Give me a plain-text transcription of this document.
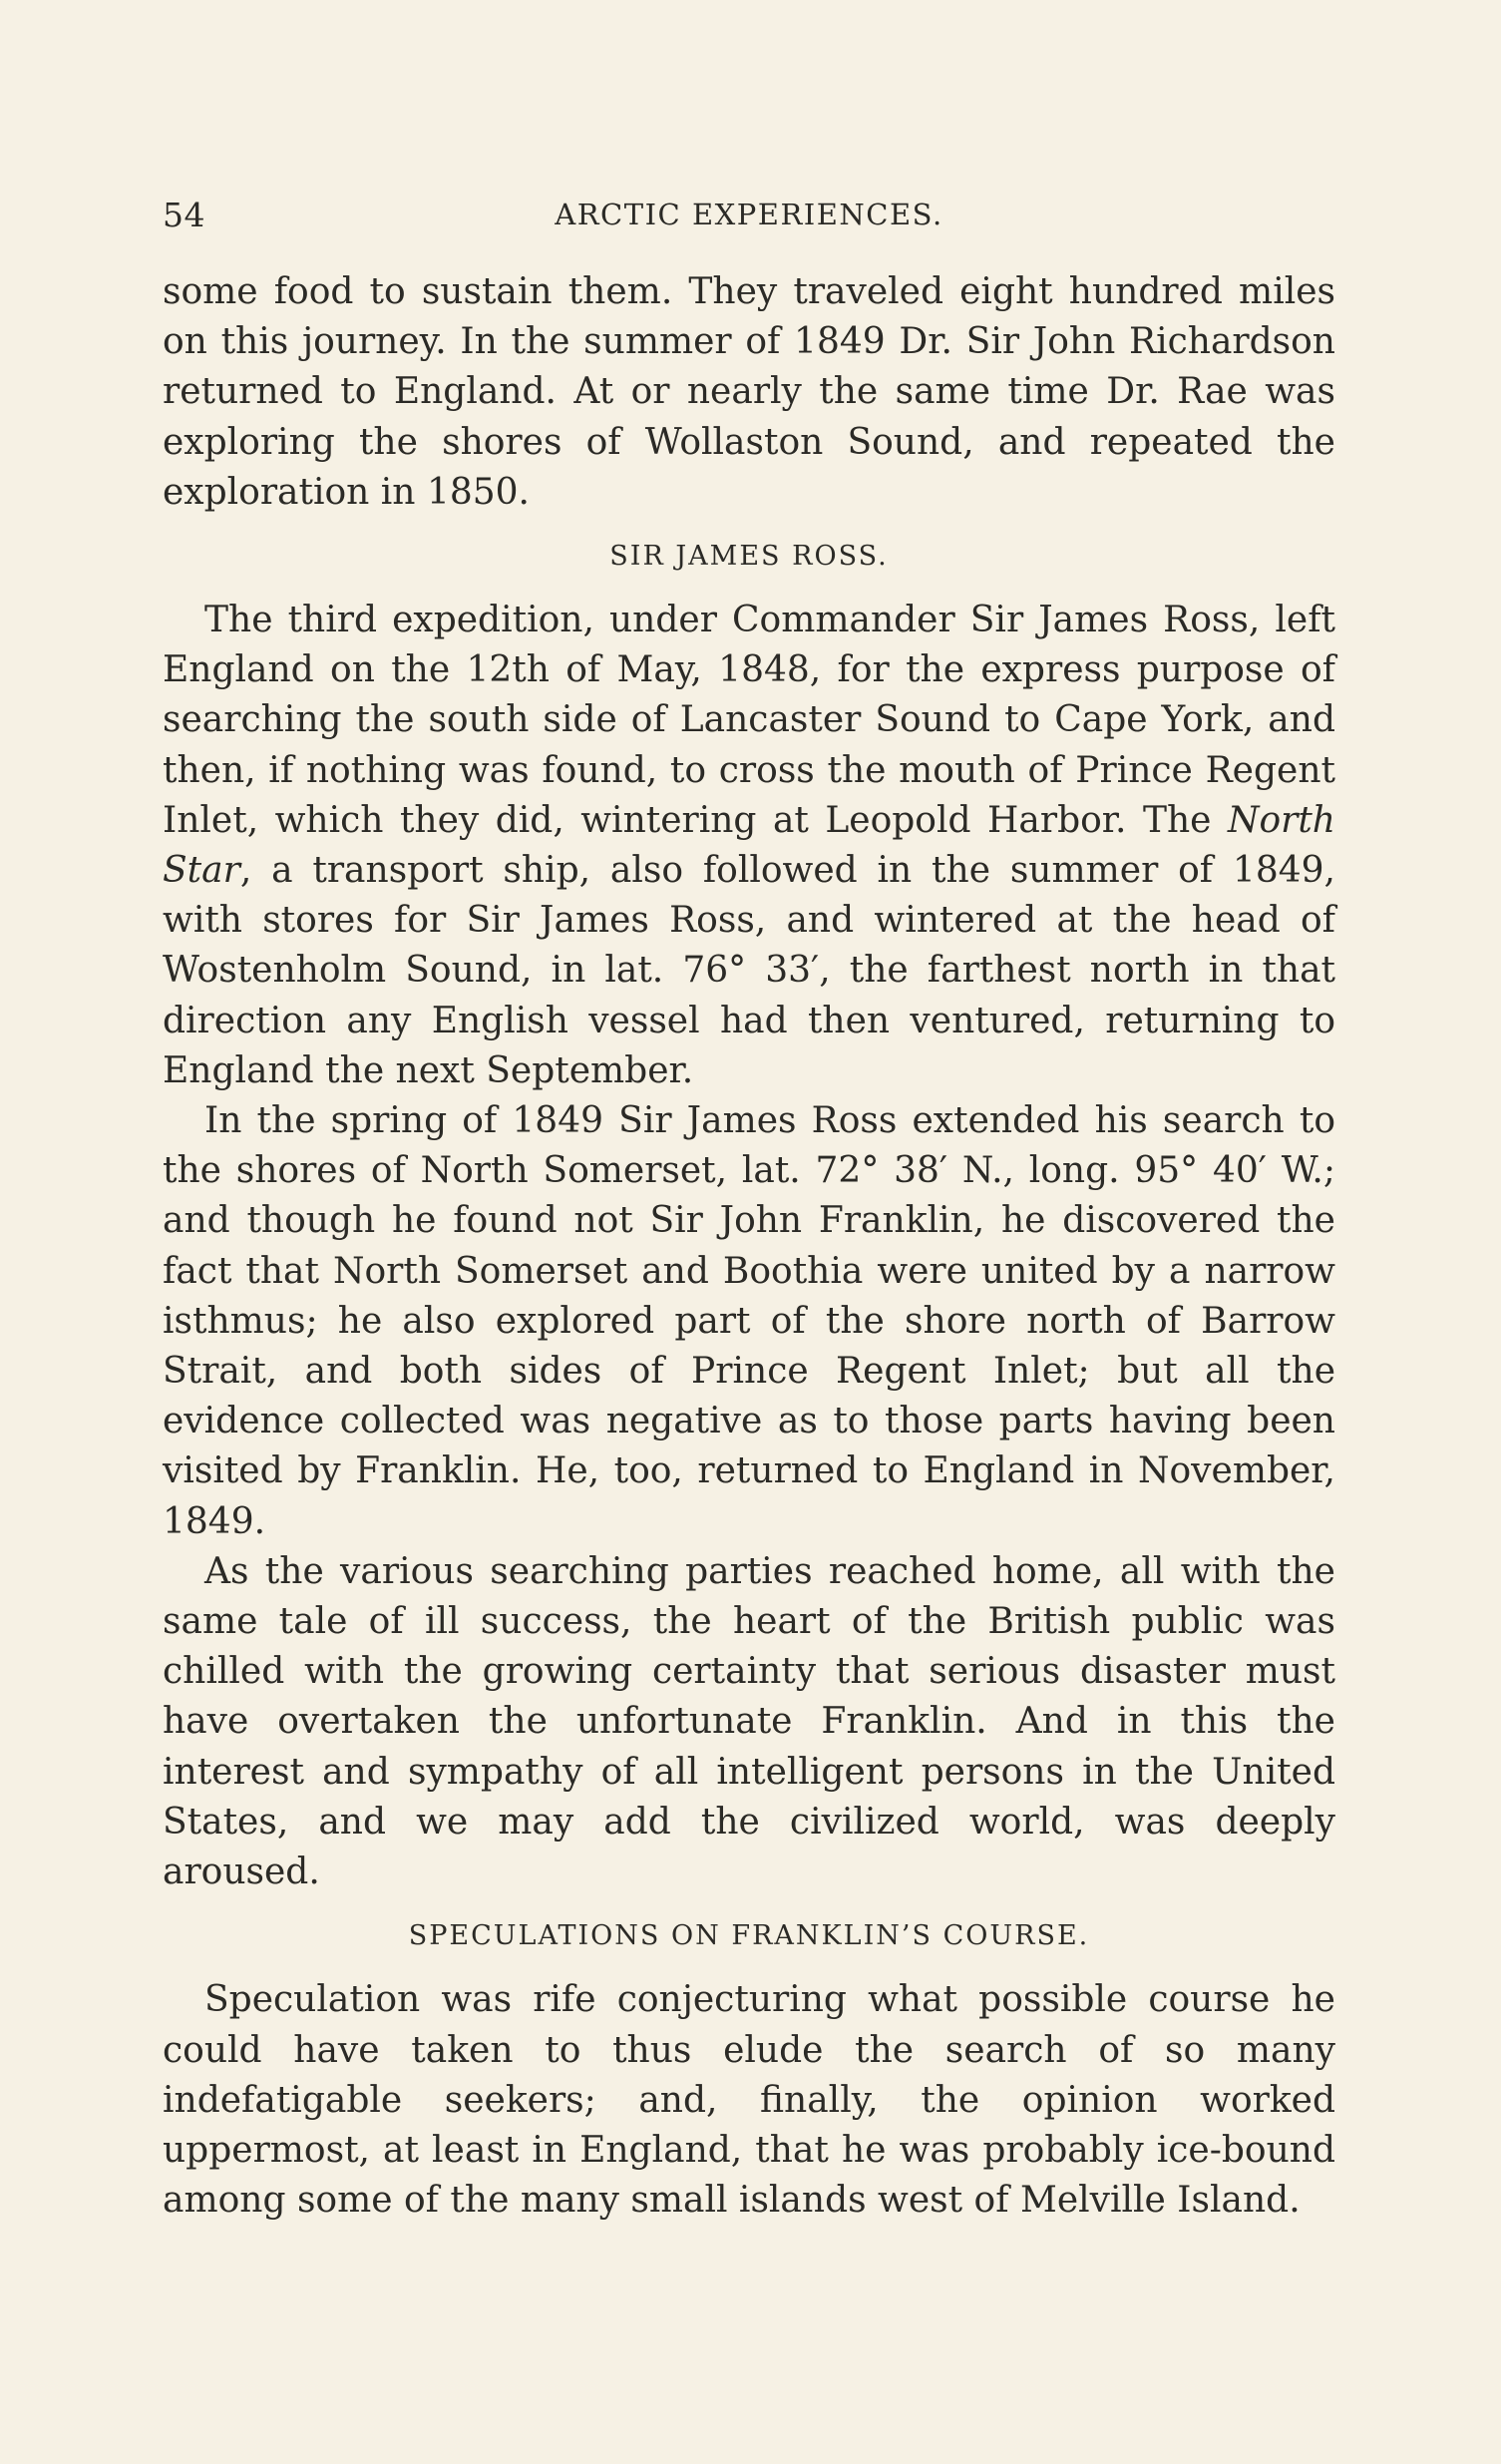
54	ARCTIC EXPERIENCES.

some food to sustain them. They traveled eight hundred miles on this journey. In the summer of 1849 Dr. Sir John Richardson returned to England. At or nearly the same time Dr. Rae was exploring the shores of Wollaston Sound, and repeated the exploration in 1850.

SIR JAMES ROSS.

The third expedition, under Commander Sir James Ross, left England on the 12th of May, 1848, for the express purpose of searching the south side of Lancaster Sound to Cape York, and then, if nothing was found, to cross the mouth of Prince Regent Inlet, which they did, wintering at Leopold Harbor. The North Star, a transport ship, also followed in the summer of 1849, with stores for Sir James Ross, and wintered at the head of Wostenholm Sound, in lat. 76° 33′, the farthest north in that direction any English vessel had then ventured, returning to England the next September.

In the spring of 1849 Sir James Ross extended his search to the shores of North Somerset, lat. 72° 38′ N., long. 95° 40′ W.; and though he found not Sir John Franklin, he discovered the fact that North Somerset and Boothia were united by a narrow isthmus; he also explored part of the shore north of Barrow Strait, and both sides of Prince Regent Inlet; but all the evidence collected was negative as to those parts having been visited by Franklin. He, too, returned to England in November, 1849.

As the various searching parties reached home, all with the same tale of ill success, the heart of the British public was chilled with the growing certainty that serious disaster must have overtaken the unfortunate Franklin. And in this the interest and sympathy of all intelligent persons in the United States, and we may add the civilized world, was deeply aroused.

SPECULATIONS ON FRANKLIN’S COURSE.

Speculation was rife conjecturing what possible course he could have taken to thus elude the search of so many indefatigable seekers; and, finally, the opinion worked uppermost, at least in England, that he was probably ice-bound among some of the many small islands west of Melville Island.
